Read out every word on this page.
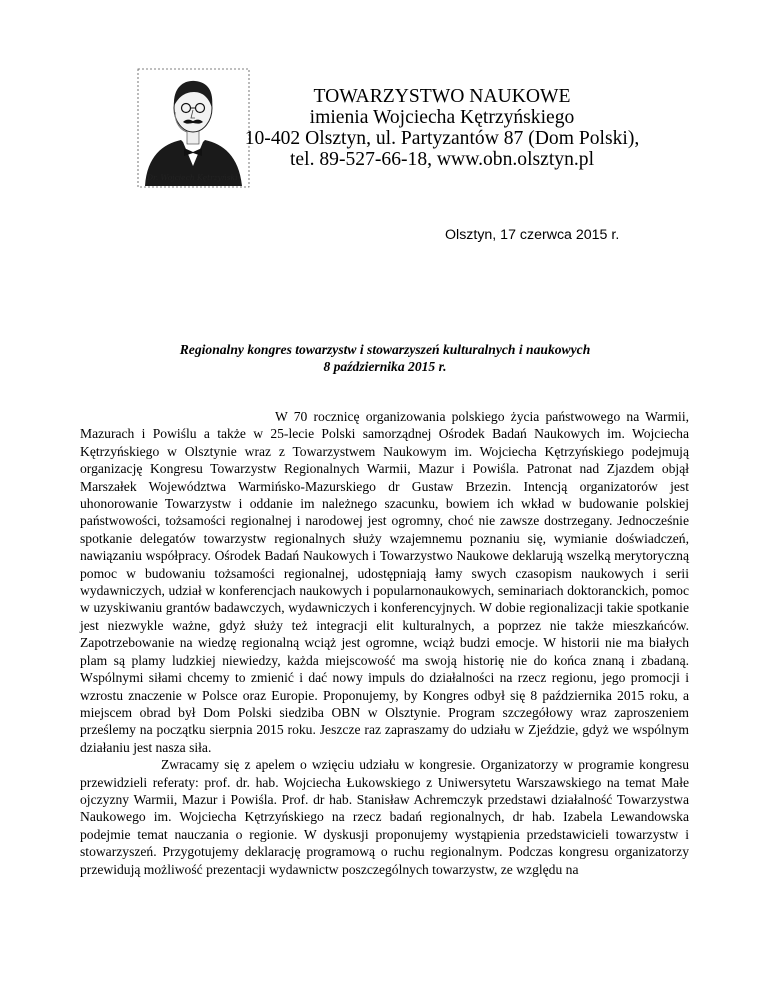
Dr. Wojciech Kętrzyński
TOWARZYSTWO NAUKOWE
imienia Wojciecha Kętrzyńskiego
10-402 Olsztyn, ul. Partyzantów 87 (Dom Polski),
tel. 89-527-66-18, www.obn.olsztyn.pl
Olsztyn, 17 czerwca 2015 r.
Regionalny kongres towarzystw i stowarzyszeń kulturalnych i naukowych
8 października 2015 r.

W 70 rocznicę organizowania polskiego życia państwowego na Warmii, Mazurach i Powiślu a także w 25-lecie Polski samorządnej Ośrodek Badań Naukowych im. Wojciecha Kętrzyńskiego w Olsztynie wraz z Towarzystwem Naukowym im. Wojciecha Kętrzyńskiego podejmują organizację Kongresu Towarzystw Regionalnych Warmii, Mazur i Powiśla. Patronat nad Zjazdem objął Marszałek Województwa Warmińsko-Mazurskiego dr Gustaw Brzezin. Intencją organizatorów jest uhonorowanie Towarzystw i oddanie im należnego szacunku, bowiem ich wkład w budowanie polskiej państwowości, tożsamości regionalnej i narodowej jest ogromny, choć nie zawsze dostrzegany. Jednocześnie spotkanie delegatów towarzystw regionalnych służy wzajemnemu poznaniu się, wymianie doświadczeń, nawiązaniu współpracy. Ośrodek Badań Naukowych i Towarzystwo Naukowe deklarują wszelką merytoryczną pomoc w budowaniu tożsamości regionalnej, udostępniają łamy swych czasopism naukowych i serii wydawniczych, udział w konferencjach naukowych i popularnonaukowych, seminariach doktoranckich, pomoc w uzyskiwaniu grantów badawczych, wydawniczych i konferencyjnych. W dobie regionalizacji takie spotkanie jest niezwykle ważne, gdyż służy też integracji elit kulturalnych, a poprzez nie także mieszkańców. Zapotrzebowanie na wiedzę regionalną wciąż jest ogromne, wciąż budzi emocje. W historii nie ma białych plam są plamy ludzkiej niewiedzy, każda miejscowość ma swoją historię nie do końca znaną i zbadaną. Wspólnymi siłami chcemy to zmienić i dać nowy impuls do działalności na rzecz regionu, jego promocji i wzrostu znaczenie w Polsce oraz Europie. Proponujemy, by Kongres odbył się 8 października 2015 roku, a miejscem obrad był Dom Polski siedziba OBN w Olsztynie. Program szczegółowy wraz zaproszeniem prześlemy na początku sierpnia 2015 roku. Jeszcze raz zapraszamy do udziału w Zjeździe, gdyż we wspólnym działaniu jest nasza siła.

Zwracamy się z apelem o wzięciu udziału w kongresie. Organizatorzy w programie kongresu przewidzieli referaty: prof. dr. hab. Wojciecha Łukowskiego z Uniwersytetu Warszawskiego na temat Małe ojczyzny Warmii, Mazur i Powiśla. Prof. dr hab. Stanisław Achremczyk przedstawi działalność Towarzystwa Naukowego im. Wojciecha Kętrzyńskiego na rzecz badań regionalnych, dr hab. Izabela Lewandowska podejmie temat nauczania o regionie. W dyskusji proponujemy wystąpienia przedstawicieli towarzystw i stowarzyszeń. Przygotujemy deklarację programową o ruchu regionalnym. Podczas kongresu organizatorzy przewidują możliwość prezentacji wydawnictw poszczególnych towarzystw, ze względu na
